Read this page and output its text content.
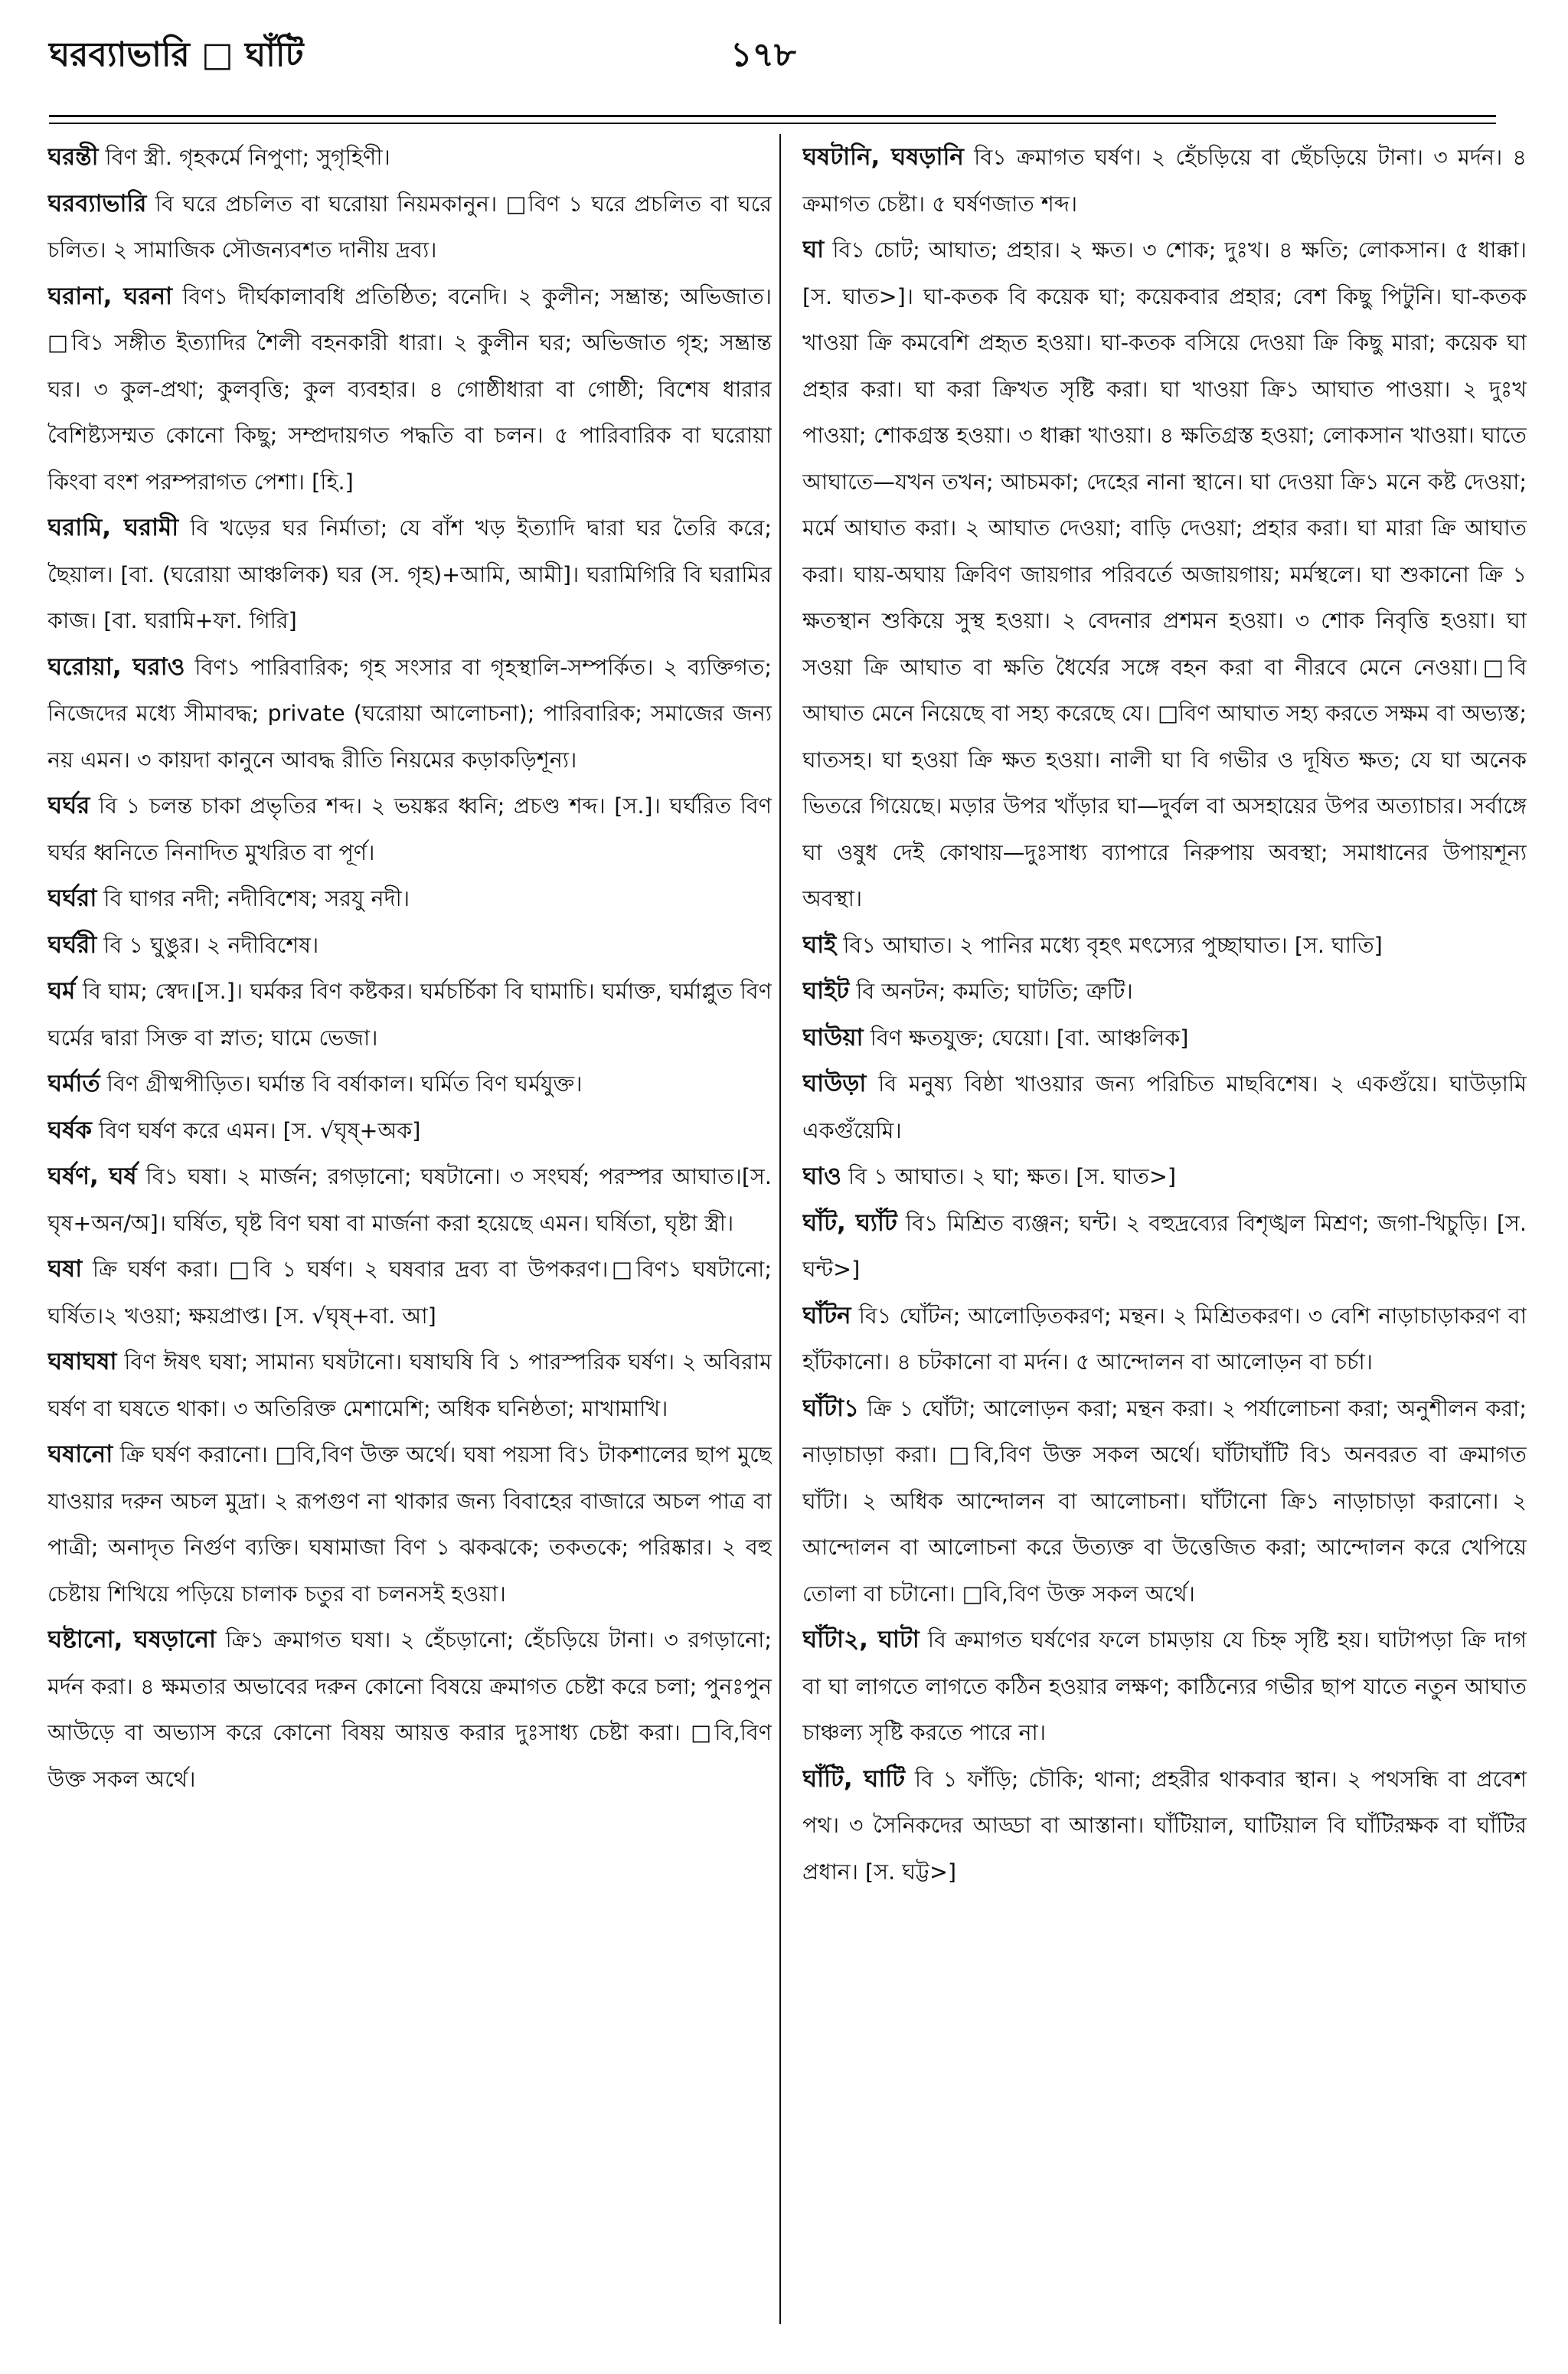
ঘরব্যাভারি □ ঘাঁটি	১৭৮

ঘরন্তী বিণ স্ত্রী. গৃহকর্মে নিপুণা; সুগৃহিণী।

ঘরব্যাভারি বি ঘরে প্রচলিত বা ঘরোয়া নিয়মকানুন। □বিণ ১ ঘরে প্রচলিত বা ঘরে চলিত। ২ সামাজিক সৌজন্যবশত দানীয় দ্রব্য।

ঘরানা, ঘরনা বিণ১ দীর্ঘকালাবধি প্রতিষ্ঠিত; বনেদি। ২ কুলীন; সম্ভ্রান্ত; অভিজাত।□বি১ সঙ্গীত ইত্যাদির শৈলী বহনকারী ধারা। ২ কুলীন ঘর; অভিজাত গৃহ; সম্ভ্রান্ত ঘর। ৩ কুল-প্রথা; কুলবৃত্তি; কুল ব্যবহার। ৪ গোষ্ঠীধারা বা গোষ্ঠী; বিশেষ ধারার বৈশিষ্ট্যসম্মত কোনো কিছু; সম্প্রদায়গত পদ্ধতি বা চলন। ৫ পারিবারিক বা ঘরোয়া কিংবা বংশ পরম্পরাগত পেশা। [হি.]

ঘরামি, ঘরামী বি খড়ের ঘর নির্মাতা; যে বাঁশ খড় ইত্যাদি দ্বারা ঘর তৈরি করে; ছৈয়াল। [বা. (ঘরোয়া আঞ্চলিক) ঘর (স. গৃহ)+আমি, আমী]। ঘরামিগিরি বি ঘরামির কাজ। [বা. ঘরামি+ফা. গিরি]

ঘরোয়া, ঘরাও বিণ১ পারিবারিক; গৃহ সংসার বা গৃহস্থালি-সম্পর্কিত। ২ ব্যক্তিগত; নিজেদের মধ্যে সীমাবদ্ধ; private (ঘরোয়া আলোচনা); পারিবারিক; সমাজের জন্য নয় এমন। ৩ কায়দা কানুনে আবদ্ধ রীতি নিয়মের কড়াকড়িশূন্য।

ঘর্ঘর বি ১ চলন্ত চাকা প্রভৃতির শব্দ। ২ ভয়ঙ্কর ধ্বনি; প্রচণ্ড শব্দ। [স.]। ঘর্ঘরিত বিণ ঘর্ঘর ধ্বনিতে নিনাদিত মুখরিত বা পূর্ণ।

ঘর্ঘরা বি ঘাগর নদী; নদীবিশেষ; সরযু নদী।

ঘর্ঘরী বি ১ ঘুঙুর। ২ নদীবিশেষ।

ঘর্ম বি ঘাম; স্বেদ।[স.]। ঘর্মকর বিণ কষ্টকর। ঘর্মচর্চিকা বি ঘামাচি। ঘর্মাক্ত, ঘর্মাপ্লুত বিণ ঘর্মের দ্বারা সিক্ত বা স্নাত; ঘামে ভেজা।

ঘর্মার্ত বিণ গ্রীষ্মপীড়িত। ঘর্মান্ত বি বর্ষাকাল। ঘর্মিত বিণ ঘর্মযুক্ত।

ঘর্ষক বিণ ঘর্ষণ করে এমন। [স. √ঘৃষ্+অক]

ঘর্ষণ, ঘর্ষ বি১ ঘষা। ২ মার্জন; রগড়ানো; ঘষটানো। ৩ সংঘর্ষ; পরস্পর আঘাত।[স. ঘৃষ+অন/অ]। ঘর্ষিত, ঘৃষ্ট বিণ ঘষা বা মার্জনা করা হয়েছে এমন। ঘর্ষিতা, ঘৃষ্টা স্ত্রী।

ঘষা ক্রি ঘর্ষণ করা। □বি ১ ঘর্ষণ। ২ ঘষবার দ্রব্য বা উপকরণ।□বিণ১ ঘষটানো; ঘর্ষিত।২ খওয়া; ক্ষয়প্রাপ্ত। [স. √ঘৃষ্+বা. আ]

ঘষাঘষা বিণ ঈষৎ ঘষা; সামান্য ঘষটানো। ঘষাঘষি বি ১ পারস্পরিক ঘর্ষণ। ২ অবিরাম ঘর্ষণ বা ঘষতে থাকা। ৩ অতিরিক্ত মেশামেশি; অধিক ঘনিষ্ঠতা; মাখামাখি।

ঘষানো ক্রি ঘর্ষণ করানো। □বি,বিণ উক্ত অর্থে। ঘষা পয়সা বি১ টাকশালের ছাপ মুছে যাওয়ার দরুন অচল মুদ্রা। ২ রূপগুণ না থাকার জন্য বিবাহের বাজারে অচল পাত্র বা পাত্রী; অনাদৃত নির্গুণ ব্যক্তি। ঘষামাজা বিণ ১ ঝকঝকে; তকতকে; পরিষ্কার। ২ বহু চেষ্টায় শিখিয়ে পড়িয়ে চালাক চতুর বা চলনসই হওয়া।

ঘষ্টানো, ঘষড়ানো ক্রি১ ক্রমাগত ঘষা। ২ হেঁচড়ানো; হেঁচড়িয়ে টানা। ৩ রগড়ানো; মর্দন করা। ৪ ক্ষমতার অভাবের দরুন কোনো বিষয়ে ক্রমাগত চেষ্টা করে চলা; পুনঃপুন আউড়ে বা অভ্যাস করে কোনো বিষয় আয়ত্ত করার দুঃসাধ্য চেষ্টা করা। □বি,বিণ উক্ত সকল অর্থে।

ঘষটানি, ঘষড়ানি বি১ ক্রমাগত ঘর্ষণ। ২ হেঁচড়িয়ে বা ছেঁচড়িয়ে টানা। ৩ মর্দন। ৪ ক্রমাগত চেষ্টা। ৫ ঘর্ষণজাত শব্দ।

ঘা বি১ চোট; আঘাত; প্রহার। ২ ক্ষত। ৩ শোক; দুঃখ। ৪ ক্ষতি; লোকসান। ৫ ধাক্কা। [স. ঘাত>]। ঘা-কতক বি কয়েক ঘা; কয়েকবার প্রহার; বেশ কিছু পিটুনি। ঘা-কতক খাওয়া ক্রি কমবেশি প্রহৃত হওয়া। ঘা-কতক বসিয়ে দেওয়া ক্রি কিছু মারা; কয়েক ঘা প্রহার করা। ঘা করা ক্রিখত সৃষ্টি করা। ঘা খাওয়া ক্রি১ আঘাত পাওয়া। ২ দুঃখ পাওয়া; শোকগ্রস্ত হওয়া। ৩ ধাক্কা খাওয়া। ৪ ক্ষতিগ্রস্ত হওয়া; লোকসান খাওয়া। ঘাতে আঘাতে—যখন তখন; আচমকা; দেহের নানা স্থানে। ঘা দেওয়া ক্রি১ মনে কষ্ট দেওয়া; মর্মে আঘাত করা। ২ আঘাত দেওয়া; বাড়ি দেওয়া; প্রহার করা। ঘা মারা ক্রি আঘাত করা। ঘায়-অঘায় ক্রিবিণ জায়গার পরিবর্তে অজায়গায়; মর্মস্থলে। ঘা শুকানো ক্রি ১ ক্ষতস্থান শুকিয়ে সুস্থ হওয়া। ২ বেদনার প্রশমন হওয়া। ৩ শোক নিবৃত্তি হওয়া। ঘা সওয়া ক্রি আঘাত বা ক্ষতি ধৈর্যের সঙ্গে বহন করা বা নীরবে মেনে নেওয়া।□বি আঘাত মেনে নিয়েছে বা সহ্য করেছে যে। □বিণ আঘাত সহ্য করতে সক্ষম বা অভ্যস্ত; ঘাতসহ। ঘা হওয়া ক্রি ক্ষত হওয়া। নালী ঘা বি গভীর ও দূষিত ক্ষত; যে ঘা অনেক ভিতরে গিয়েছে। মড়ার উপর খাঁড়ার ঘা—দুর্বল বা অসহায়ের উপর অত্যাচার। সর্বাঙ্গে ঘা ওষুধ দেই কোথায়—দুঃসাধ্য ব্যাপারে নিরুপায় অবস্থা; সমাধানের উপায়শূন্য অবস্থা।

ঘাই বি১ আঘাত। ২ পানির মধ্যে বৃহৎ মৎস্যের পুচ্ছাঘাত। [স. ঘাতি]

ঘাইট বি অনটন; কমতি; ঘাটতি; ত্রুটি।

ঘাউয়া বিণ ক্ষতযুক্ত; ঘেয়ো। [বা. আঞ্চলিক]

ঘাউড়া বি মনুষ্য বিষ্ঠা খাওয়ার জন্য পরিচিত মাছবিশেষ। ২ একগুঁয়ে। ঘাউড়ামি একগুঁয়েমি।

ঘাও বি ১ আঘাত। ২ ঘা; ক্ষত। [স. ঘাত>]

ঘাঁট, ঘ্যাঁট বি১ মিশ্রিত ব্যঞ্জন; ঘন্ট। ২ বহুদ্রব্যের বিশৃঙ্খল মিশ্রণ; জগা-খিচুড়ি। [স. ঘন্ট>]

ঘাঁটন বি১ ঘোঁটন; আলোড়িতকরণ; মন্থন। ২ মিশ্রিতকরণ। ৩ বেশি নাড়াচাড়াকরণ বা হাঁটকানো। ৪ চটকানো বা মর্দন। ৫ আন্দোলন বা আলোড়ন বা চর্চা।

ঘাঁটা১ ক্রি ১ ঘোঁটা; আলোড়ন করা; মন্থন করা। ২ পর্যালোচনা করা; অনুশীলন করা; নাড়াচাড়া করা। □বি,বিণ উক্ত সকল অর্থে। ঘাঁটাঘাঁটি বি১ অনবরত বা ক্রমাগত ঘাঁটা। ২ অধিক আন্দোলন বা আলোচনা। ঘাঁটানো ক্রি১ নাড়াচাড়া করানো। ২ আন্দোলন বা আলোচনা করে উত্যক্ত বা উত্তেজিত করা; আন্দোলন করে খেপিয়ে তোলা বা চটানো। □বি,বিণ উক্ত সকল অর্থে।

ঘাঁটা২, ঘাটা বি ক্রমাগত ঘর্ষণের ফলে চামড়ায় যে চিহ্ন সৃষ্টি হয়। ঘাটাপড়া ক্রি দাগ বা ঘা লাগতে লাগতে কঠিন হওয়ার লক্ষণ; কাঠিন্যের গভীর ছাপ যাতে নতুন আঘাত চাঞ্চল্য সৃষ্টি করতে পারে না।

ঘাঁটি, ঘাটি বি ১ ফাঁড়ি; চৌকি; থানা; প্রহরীর থাকবার স্থান। ২ পথসন্ধি বা প্রবেশ পথ। ৩ সৈনিকদের আড্ডা বা আস্তানা। ঘাঁটিয়াল, ঘাটিয়াল বি ঘাঁটিরক্ষক বা ঘাঁটির প্রধান। [স. ঘট্ট>]
